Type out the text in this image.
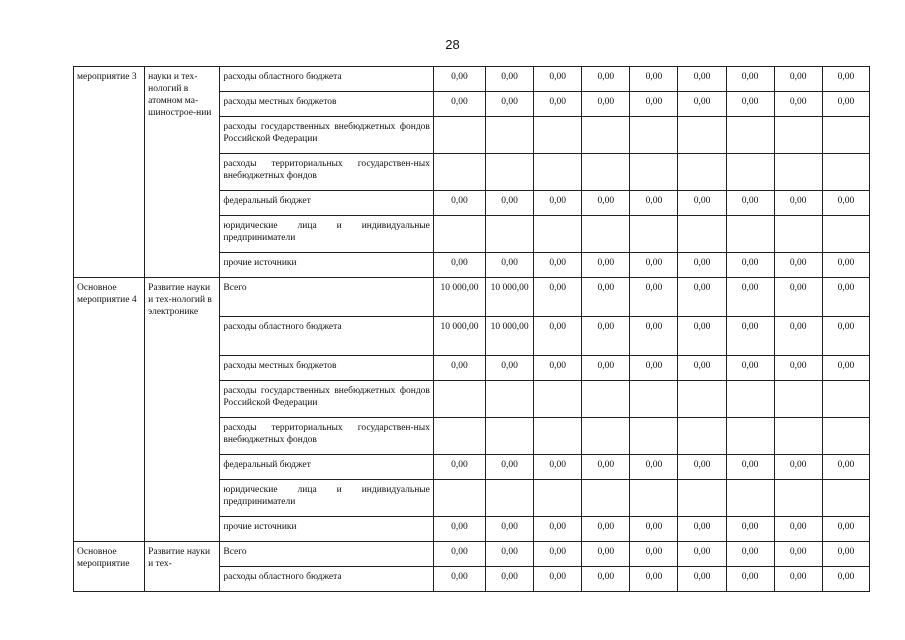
28
мероприятие 3	науки и тех-нологий в атомном ма-шинострое-нии	расходы областного бюджета	0,00	0,00	0,00	0,00	0,00	0,00	0,00	0,00	0,00
		расходы местных бюджетов	0,00	0,00	0,00	0,00	0,00	0,00	0,00	0,00	0,00
		расходы государственных внебюджетных фондов Российской Федерации									
		расходы территориальных государствен-ных внебюджетных фондов									
		федеральный бюджет	0,00	0,00	0,00	0,00	0,00	0,00	0,00	0,00	0,00
		юридические лица и индивидуальные предприниматели									
		прочие источники	0,00	0,00	0,00	0,00	0,00	0,00	0,00	0,00	0,00
Основное мероприятие 4	Развитие науки и тех-нологий в электронике	Всего	10 000,00	10 000,00	0,00	0,00	0,00	0,00	0,00	0,00	0,00
		расходы областного бюджета	10 000,00	10 000,00	0,00	0,00	0,00	0,00	0,00	0,00	0,00
		расходы местных бюджетов	0,00	0,00	0,00	0,00	0,00	0,00	0,00	0,00	0,00
		расходы государственных внебюджетных фондов Российской Федерации									
		расходы территориальных государствен-ных внебюджетных фондов									
		федеральный бюджет	0,00	0,00	0,00	0,00	0,00	0,00	0,00	0,00	0,00
		юридические лица и индивидуальные предприниматели									
		прочие источники	0,00	0,00	0,00	0,00	0,00	0,00	0,00	0,00	0,00
Основное мероприятие	Развитие науки и тех-	Всего	0,00	0,00	0,00	0,00	0,00	0,00	0,00	0,00	0,00
		расходы областного бюджета	0,00	0,00	0,00	0,00	0,00	0,00	0,00	0,00	0,00
